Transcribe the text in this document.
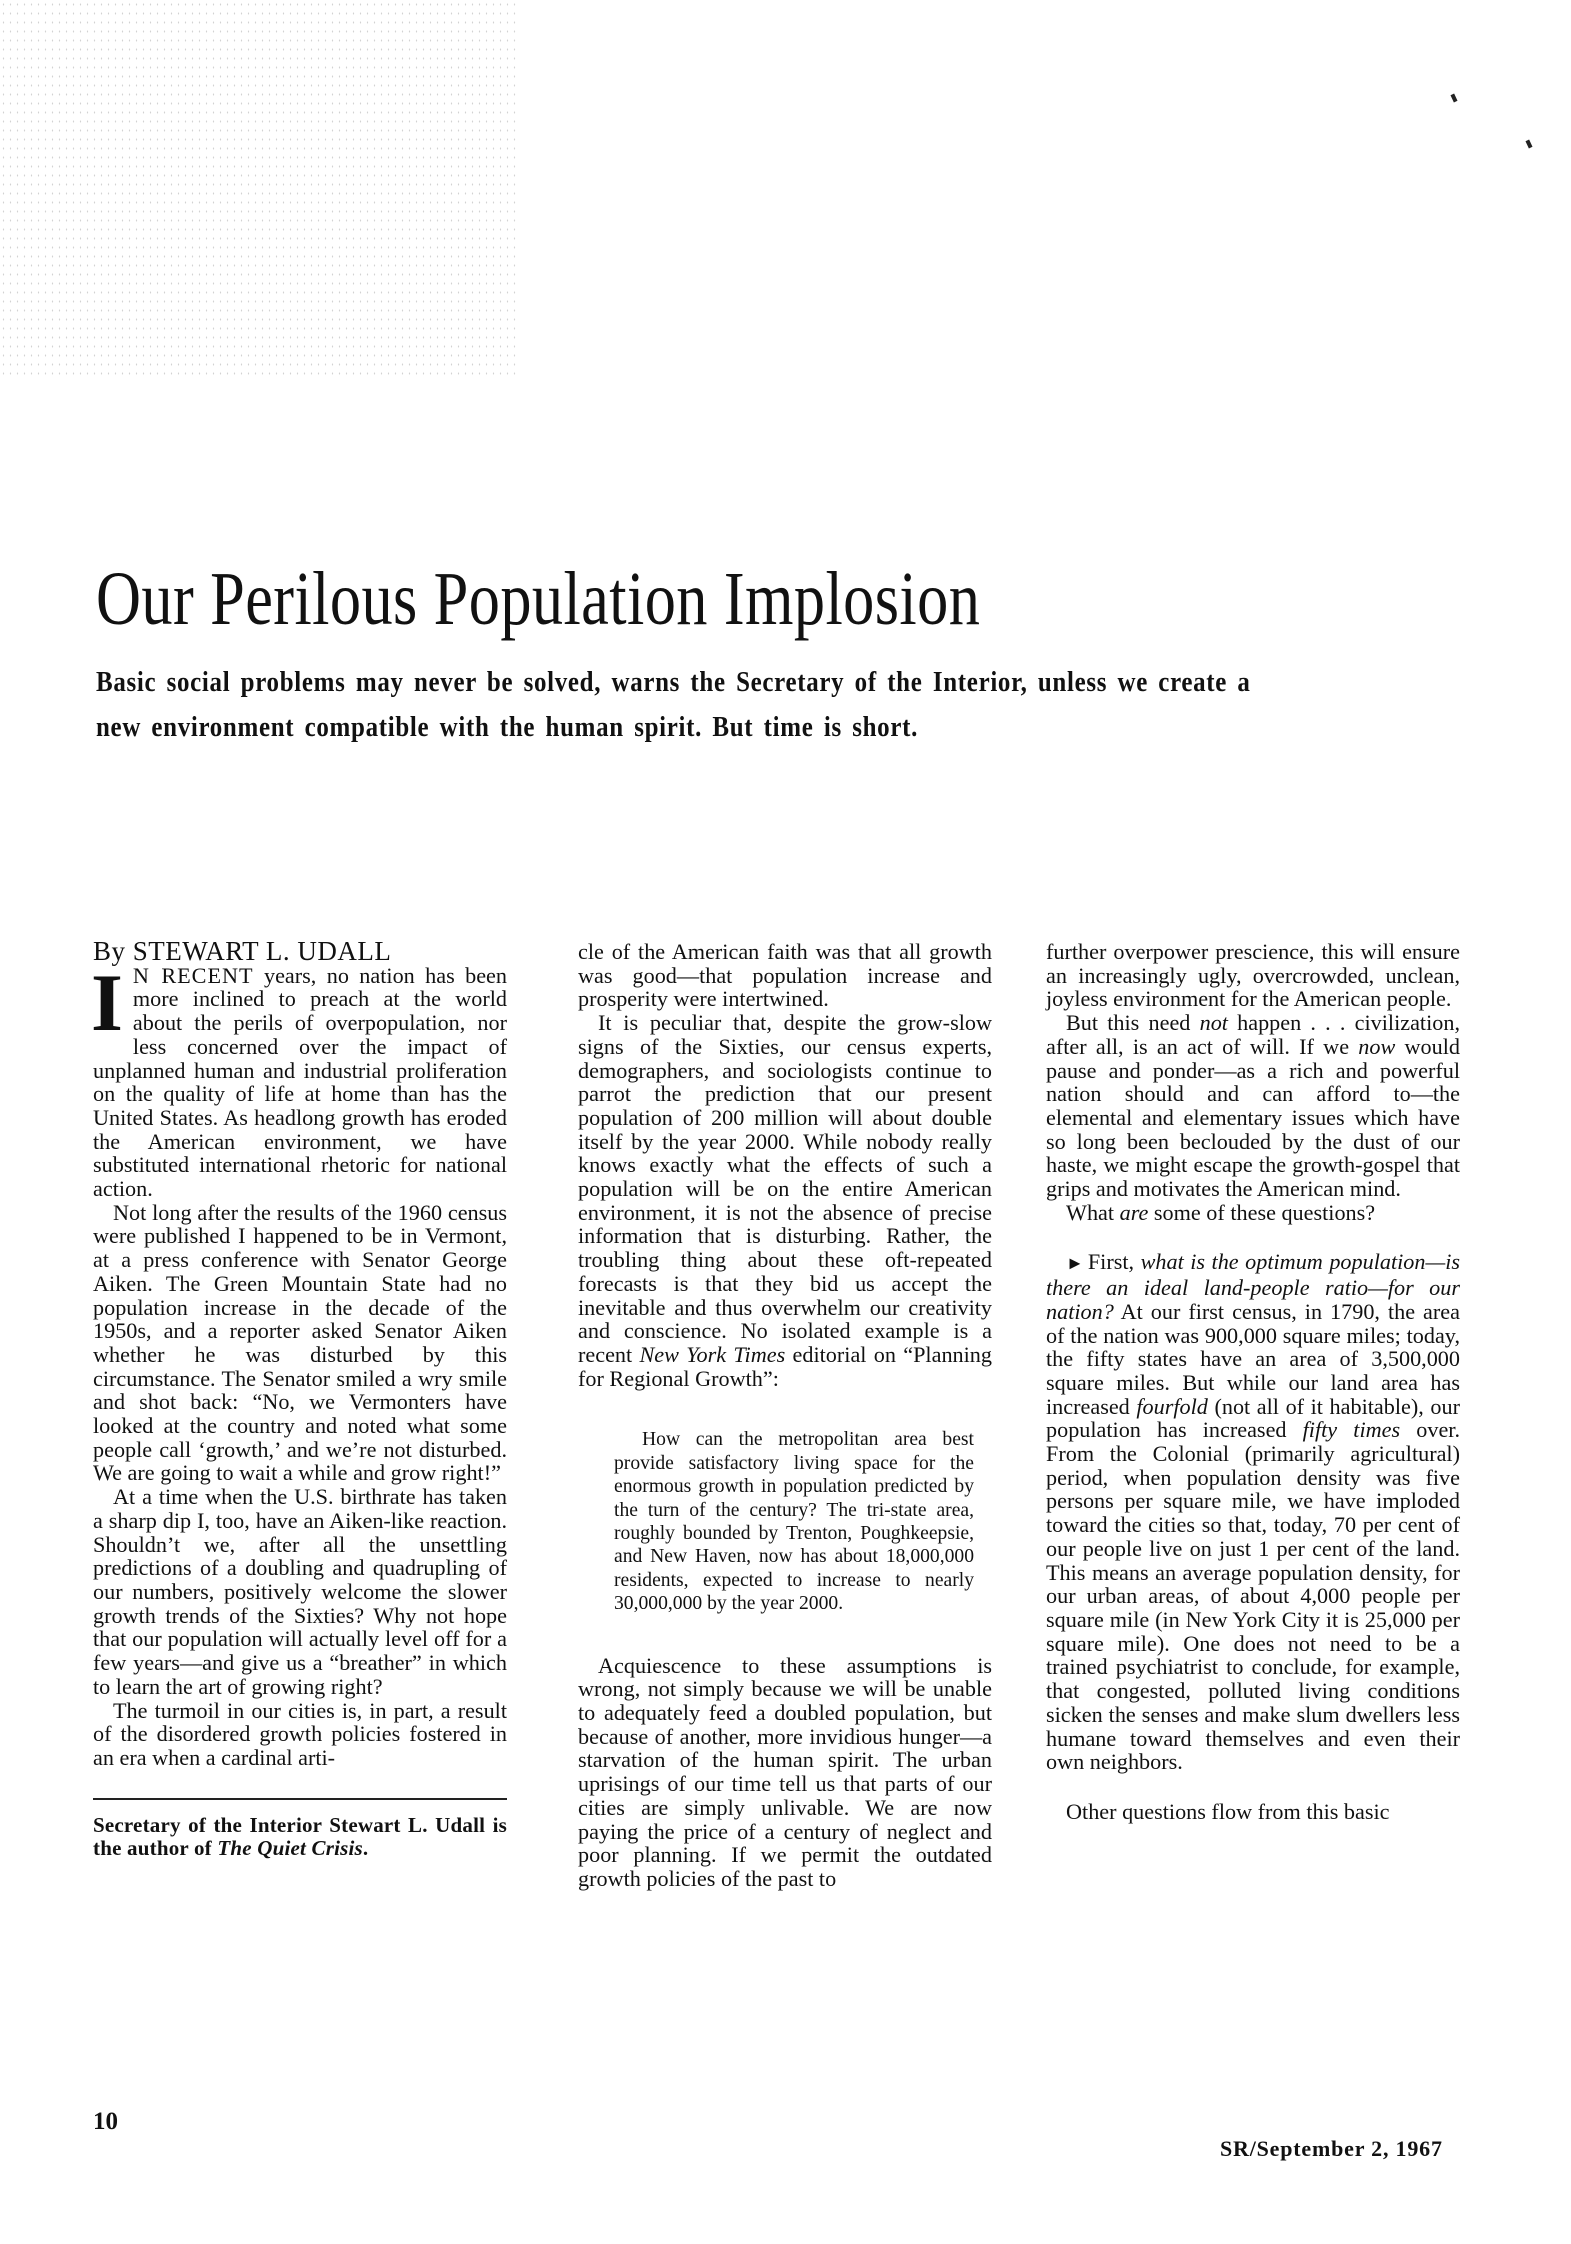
Our Perilous Population Implosion
Basic social problems may never be solved, warns the Secretary of the Interior, unless we create a new environment compatible with the human spirit. But time is short.

By STEWART L. UDALL

I N RECENT years, no nation has been more inclined to preach at the world about the perils of overpopulation, nor less concerned over the impact of unplanned human and industrial proliferation on the quality of life at home than has the United States. As headlong growth has eroded the American environment, we have substituted international rhetoric for national action.

Not long after the results of the 1960 census were published I happened to be in Vermont, at a press conference with Senator George Aiken. The Green Mountain State had no population increase in the decade of the 1950s, and a reporter asked Senator Aiken whether he was disturbed by this circumstance. The Senator smiled a wry smile and shot back: “No, we Vermonters have looked at the country and noted what some people call ‘growth,’ and we’re not disturbed. We are going to wait a while and grow right!”

At a time when the U.S. birthrate has taken a sharp dip I, too, have an Aiken-like reaction. Shouldn’t we, after all the unsettling predictions of a doubling and quadrupling of our numbers, positively welcome the slower growth trends of the Sixties? Why not hope that our population will actually level off for a few years—and give us a “breather” in which to learn the art of growing right?

The turmoil in our cities is, in part, a result of the disordered growth policies fostered in an era when a cardinal arti-

Secretary of the Interior Stewart L. Udall is the author of The Quiet Crisis.

cle of the American faith was that all growth was good—that population increase and prosperity were intertwined.

It is peculiar that, despite the grow-slow signs of the Sixties, our census experts, demographers, and sociologists continue to parrot the prediction that our present population of 200 million will about double itself by the year 2000. While nobody really knows exactly what the effects of such a population will be on the entire American environment, it is not the absence of precise information that is disturbing. Rather, the troubling thing about these oft-repeated forecasts is that they bid us accept the inevitable and thus overwhelm our creativity and conscience. No isolated example is a recent New York Times editorial on “Planning for Regional Growth”:

How can the metropolitan area best provide satisfactory living space for the enormous growth in population predicted by the turn of the century? The tri-state area, roughly bounded by Trenton, Poughkeepsie, and New Haven, now has about 18,000,000 residents, expected to increase to nearly 30,000,000 by the year 2000.

Acquiescence to these assumptions is wrong, not simply because we will be unable to adequately feed a doubled population, but because of another, more invidious hunger—a starvation of the human spirit. The urban uprisings of our time tell us that parts of our cities are simply unlivable. We are now paying the price of a century of neglect and poor planning. If we permit the outdated growth policies of the past to

further overpower prescience, this will ensure an increasingly ugly, overcrowded, unclean, joyless environment for the American people.

But this need not happen . . . civilization, after all, is an act of will. If we now would pause and ponder—as a rich and powerful nation should and can afford to—the elemental and elementary issues which have so long been beclouded by the dust of our haste, we might escape the growth-gospel that grips and motivates the American mind.

What are some of these questions?

► First, what is the optimum population—is there an ideal land-people ratio—for our nation? At our first census, in 1790, the area of the nation was 900,000 square miles; today, the fifty states have an area of 3,500,000 square miles. But while our land area has increased fourfold (not all of it habitable), our population has increased fifty times over. From the Colonial (primarily agricultural) period, when population density was five persons per square mile, we have imploded toward the cities so that, today, 70 per cent of our people live on just 1 per cent of the land. This means an average population density, for our urban areas, of about 4,000 people per square mile (in New York City it is 25,000 per square mile). One does not need to be a trained psychiatrist to conclude, for example, that congested, polluted living conditions sicken the senses and make slum dwellers less humane toward themselves and even their own neighbors.

Other questions flow from this basic

10
SR/September 2, 1967
